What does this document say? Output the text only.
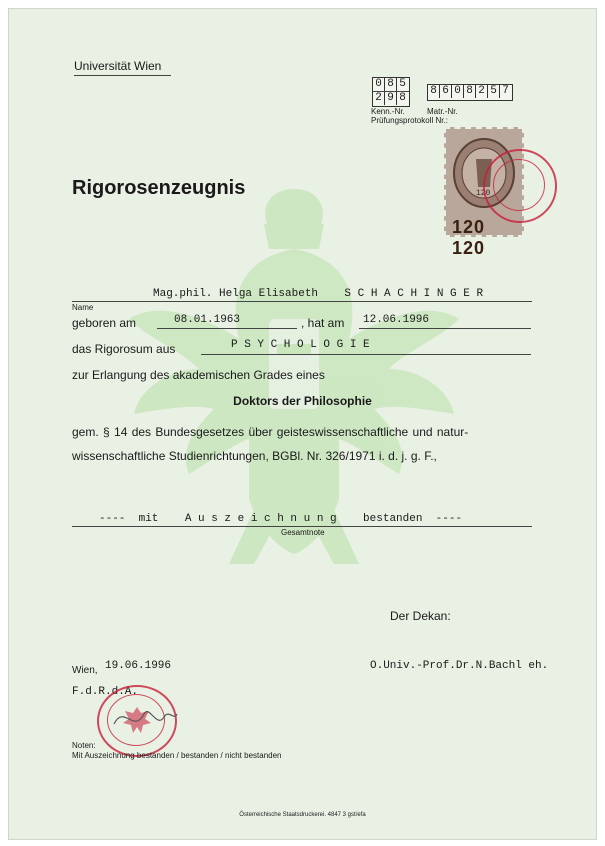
Universität Wien
0 8 5
2 9 8
8 6 0 8 2 5 7
Kenn.-Nr.	Matr.-Nr.
Prüfungsprotokoll Nr.:
120
120 120
Rigorosenzeugnis
Mag.phil. Helga Elisabeth    S C H A C H I N G E R
Name
geboren am	08.01.1963	, hat am 12.06.1996
das Rigorosum aus	P S Y C H O L O G I E
zur Erlangung des akademischen Grades eines
Doktors der Philosophie
gem. § 14 des Bundesgesetzes über geisteswissenschaftliche und natur-
wissenschaftliche Studienrichtungen, BGBl. Nr. 326/1971 i. d. j. g. F.,
----  mit    A u s z e i c h n u n g    bestanden  ----
Gesamtnote
Der Dekan:
O.Univ.-Prof.Dr.N.Bachl eh.
Wien, 19.06.1996
F.d.R.d.A.
Noten:
Mit Auszeichnung bestanden / bestanden / nicht bestanden
Österreichische Staatsdruckerei. 4847 3 gst/efa
